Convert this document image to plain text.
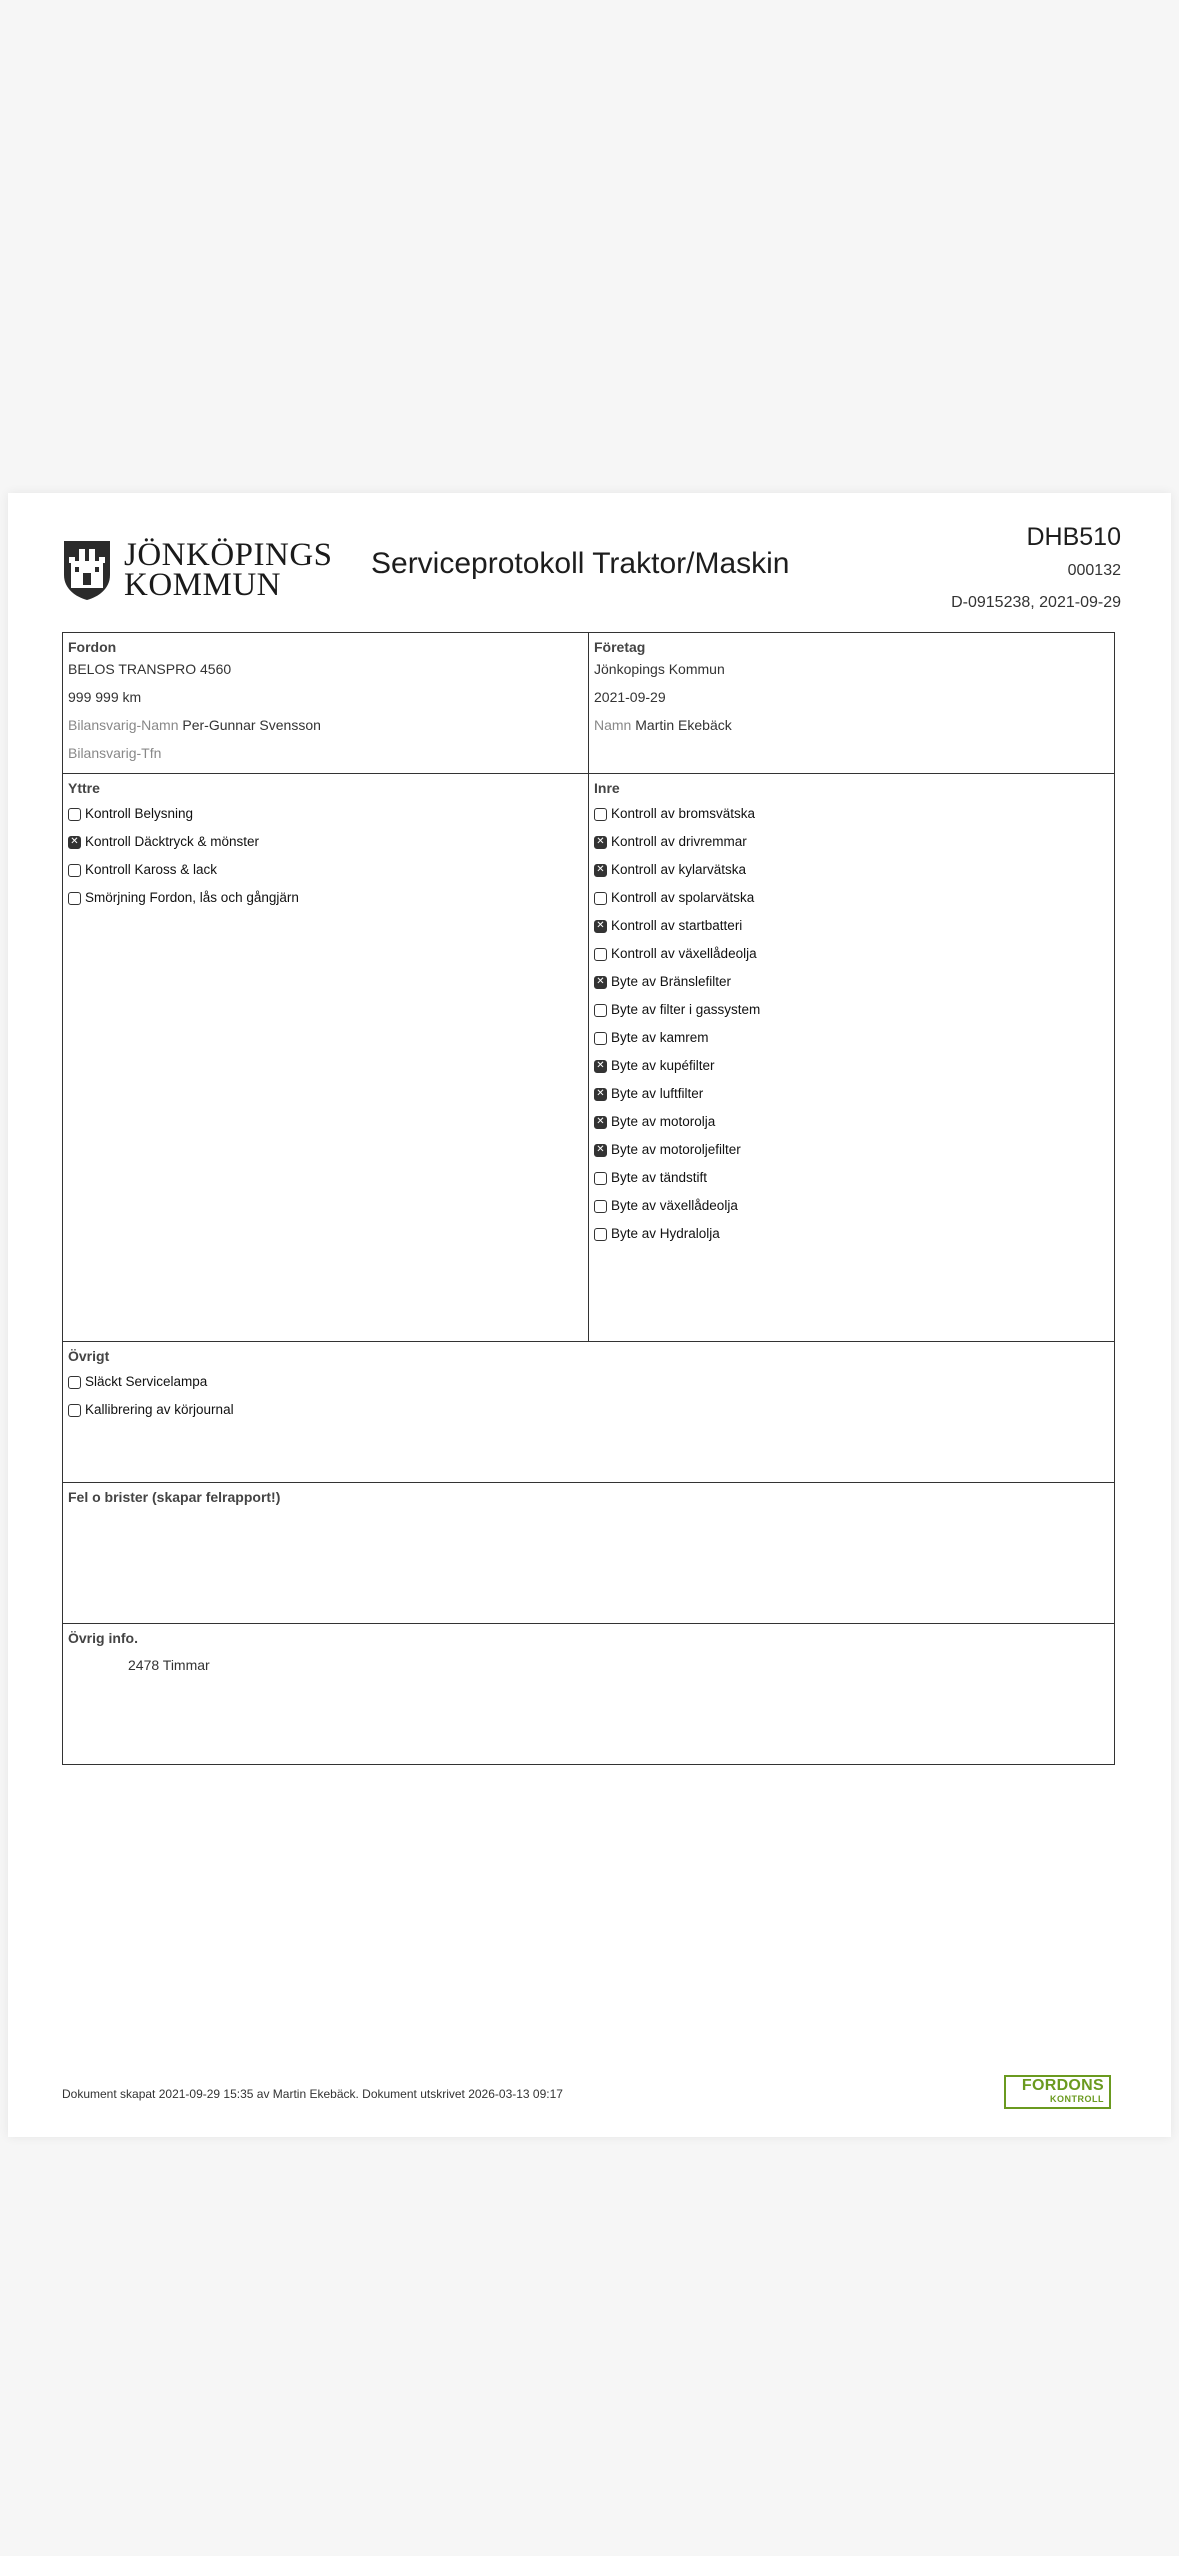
JÖNKÖPINGS
KOMMUN
Serviceprotokoll Traktor/Maskin
DHB510
000132
D-0915238, 2021-09-29
Fordon
BELOS TRANSPRO 4560
999 999 km
Bilansvarig-Namn Per-Gunnar Svensson
Bilansvarig-Tfn
Företag
Jönkopings Kommun
2021-09-29
Namn Martin Ekebäck
Yttre
Kontroll Belysning
✕ Kontroll Däcktryck & mönster
Kontroll Kaross & lack
Smörjning Fordon, lås och gångjärn
Inre
Kontroll av bromsvätska
✕ Kontroll av drivremmar
✕ Kontroll av kylarvätska
Kontroll av spolarvätska
✕ Kontroll av startbatteri
Kontroll av växellådeolja
✕ Byte av Bränslefilter
Byte av filter i gassystem
Byte av kamrem
✕ Byte av kupéfilter
✕ Byte av luftfilter
✕ Byte av motorolja
✕ Byte av motoroljefilter
Byte av tändstift
Byte av växellådeolja
Byte av Hydralolja
Övrigt
Släckt Servicelampa
Kallibrering av körjournal
Fel o brister (skapar felrapport!)
Övrig info.
2478 Timmar
Dokument skapat 2021-09-29 15:35 av Martin Ekebäck. Dokument utskrivet 2026-03-13 09:17	FORDONS
KONTROLL
